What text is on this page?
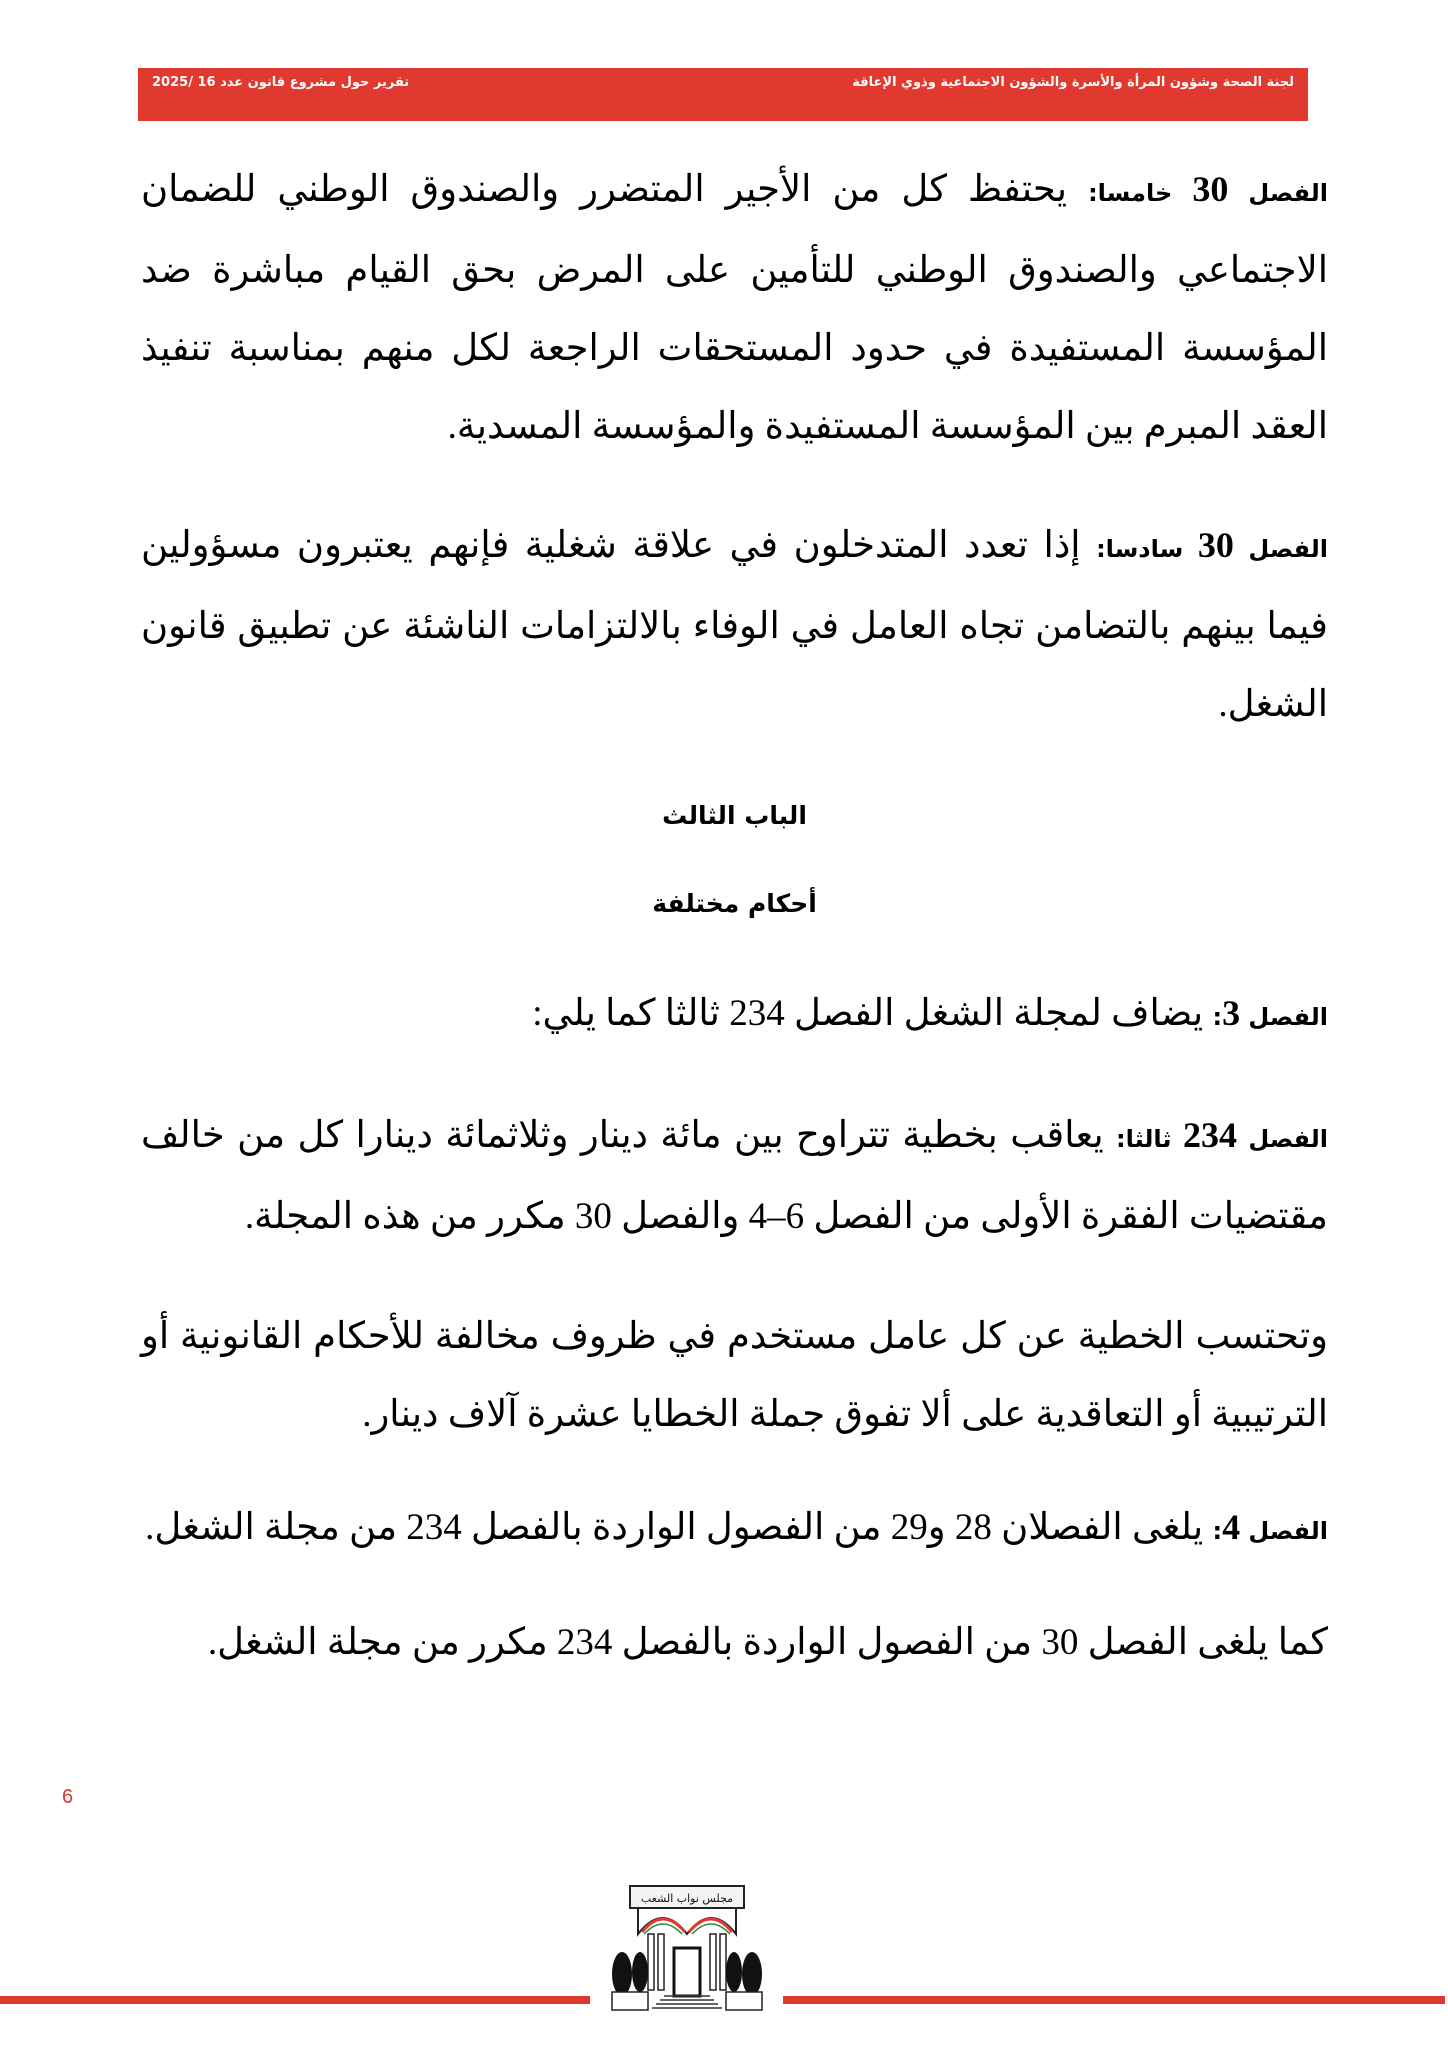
لجنة الصحة وشؤون المرأة والأسرة والشؤون الاجتماعية وذوي الإعاقة
تقرير حول مشروع قانون عدد 16 /2025

الفصل 30 خامسا: يحتفظ كل من الأجير المتضرر والصندوق الوطني للضمان الاجتماعي والصندوق الوطني للتأمين على المرض بحق القيام مباشرة ضد المؤسسة المستفيدة في حدود المستحقات الراجعة لكل منهم بمناسبة تنفيذ العقد المبرم بين المؤسسة المستفيدة والمؤسسة المسدية.

الفصل 30 سادسا: إذا تعدد المتدخلون في علاقة شغلية فإنهم يعتبرون مسؤولين فيما بينهم بالتضامن تجاه العامل في الوفاء بالالتزامات الناشئة عن تطبيق قانون الشغل.

الباب الثالث
أحكام مختلفة

الفصل 3: يضاف لمجلة الشغل الفصل 234 ثالثا كما يلي:

الفصل 234 ثالثا: يعاقب بخطية تتراوح بين مائة دينار وثلاثمائة دينارا كل من خالف مقتضيات الفقرة الأولى من الفصل 6–4 والفصل 30 مكرر من هذه المجلة.

وتحتسب الخطية عن كل عامل مستخدم في ظروف مخالفة للأحكام القانونية أو الترتيبية أو التعاقدية على ألا تفوق جملة الخطايا عشرة آلاف دينار.

الفصل 4: يلغى الفصلان 28 و29 من الفصول الواردة بالفصل 234 من مجلة الشغل.

كما يلغى الفصل 30 من الفصول الواردة بالفصل 234 مكرر من مجلة الشغل.

6
مجلس نواب الشعب
